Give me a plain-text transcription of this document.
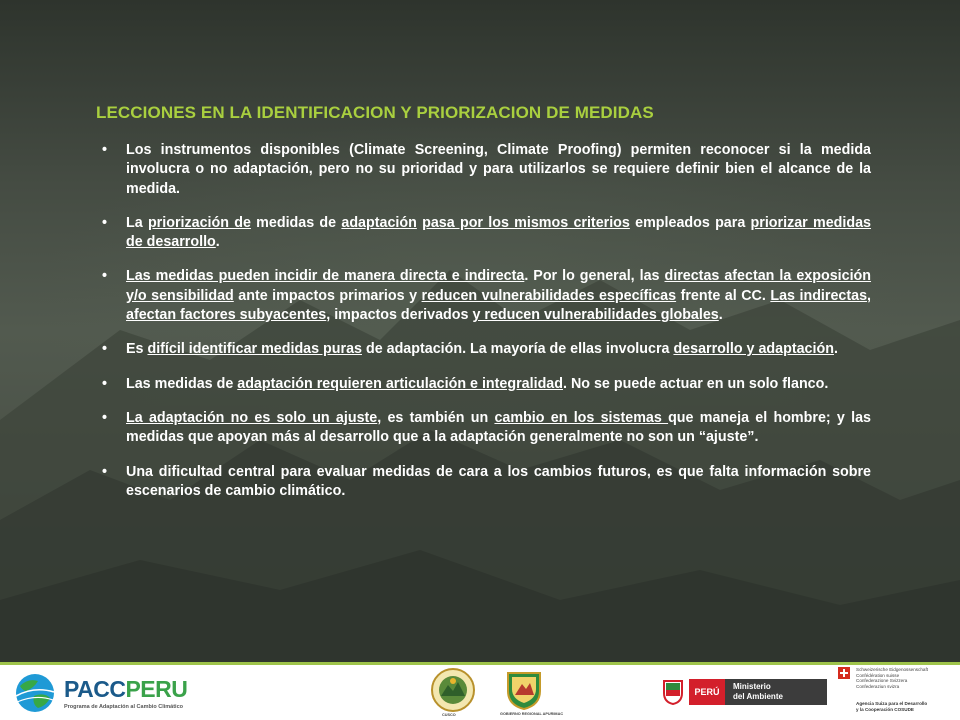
LECCIONES EN LA IDENTIFICACION Y PRIORIZACION DE MEDIDAS
• Los instrumentos disponibles (Climate Screening, Climate Proofing) permiten reconocer si la medida involucra o no adaptación, pero no su prioridad y para utilizarlos se requiere definir bien el alcance de la medida.
• La priorización de medidas de adaptación pasa por los mismos criterios empleados para priorizar medidas de desarrollo.
• Las medidas pueden incidir de manera directa e indirecta. Por lo general, las directas afectan la exposición y/o sensibilidad ante impactos primarios y reducen vulnerabilidades específicas frente al CC. Las indirectas, afectan factores subyacentes, impactos derivados y reducen vulnerabilidades globales.
• Es difícil identificar medidas puras de adaptación. La mayoría de ellas involucra desarrollo y adaptación.
• Las medidas de adaptación requieren articulación e integralidad. No se puede actuar en un solo flanco.
• La adaptación no es solo un ajuste, es también un cambio en los sistemas que maneja el hombre; y las medidas que apoyan más al desarrollo que a la adaptación generalmente no son un “ajuste”.
• Una dificultad central para evaluar medidas de cara a los cambios futuros, es que falta información sobre escenarios de cambio climático.
PACCPERU
Programa de Adaptación al Cambio Climático
CUSCO	GOBIERNO REGIONAL APURIMAC
PERÚ
Ministerio
del Ambiente
Schweizerische Eidgenossenschaft
Confédération suisse
Confederazione Svizzera
Confederaziun svizra
Agencia Suiza para el Desarrollo
y la Cooperación COSUDE
